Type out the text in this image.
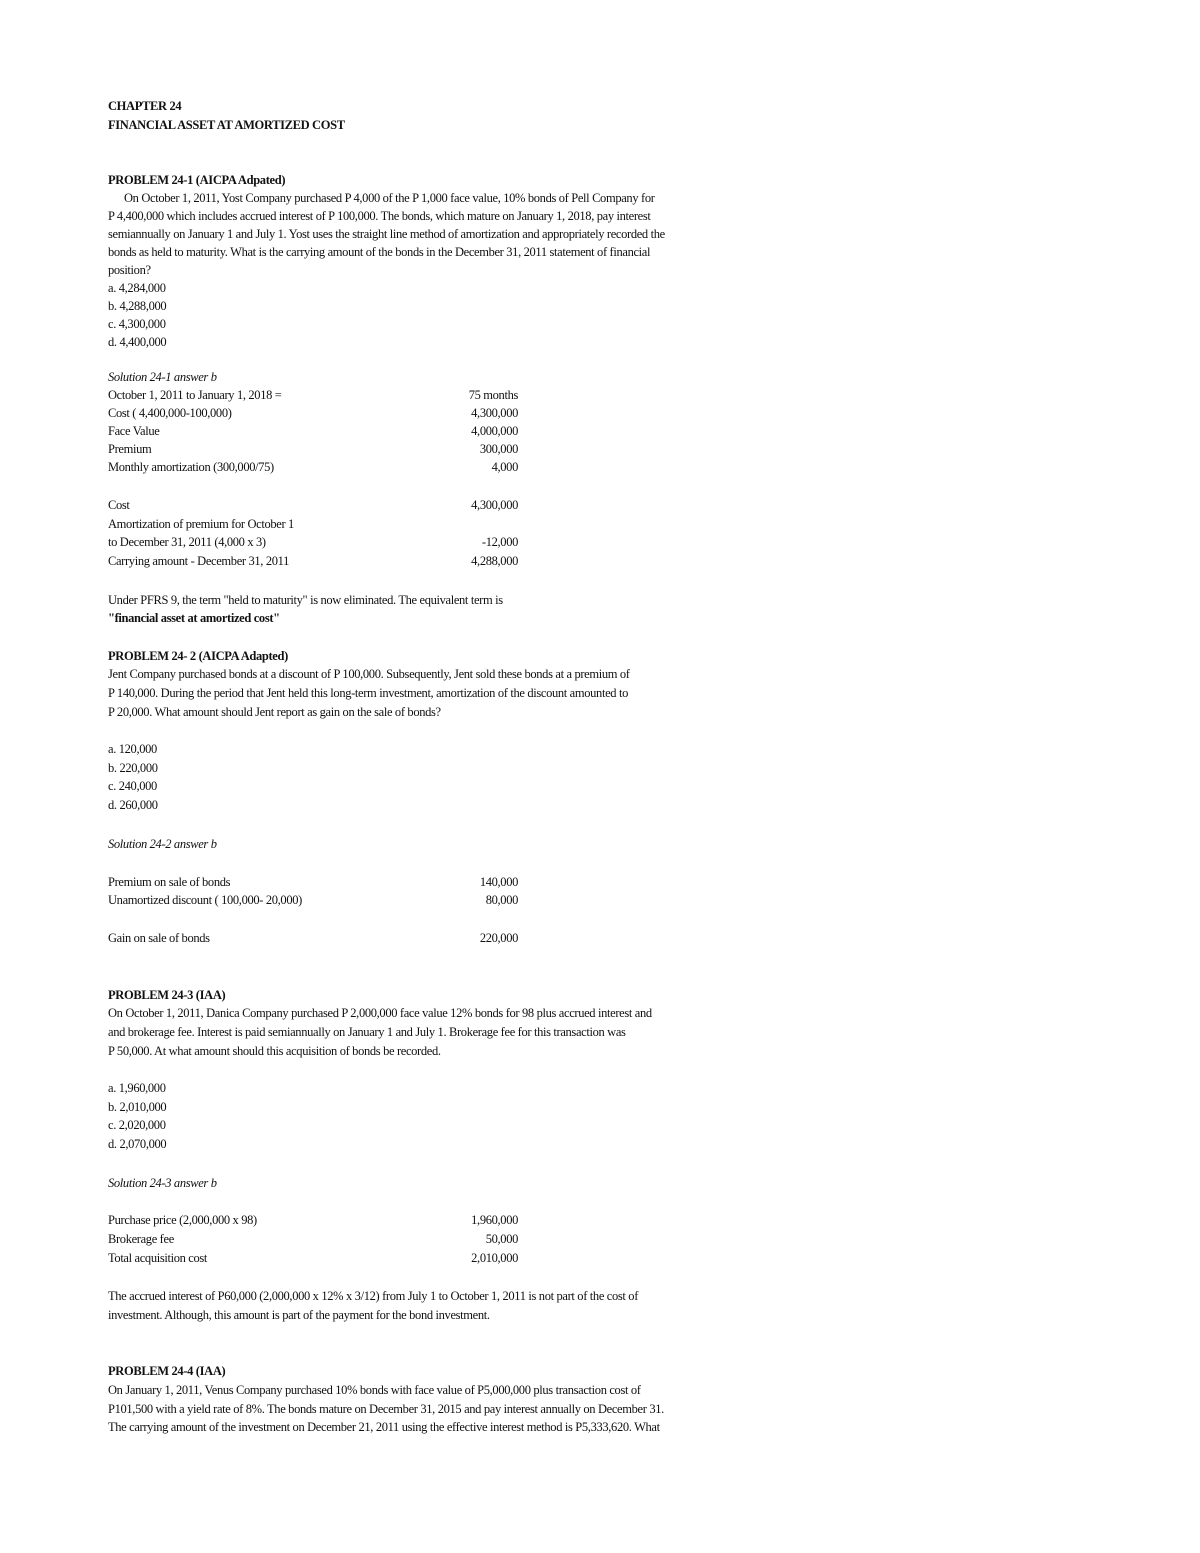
CHAPTER 24
FINANCIAL ASSET AT AMORTIZED COST
PROBLEM 24-1 (AICPA Adpated)
On October 1, 2011, Yost Company purchased P 4,000 of the P 1,000 face value, 10% bonds of Pell Company for
P 4,400,000 which includes accrued interest of P 100,000. The bonds, which mature on January 1, 2018, pay interest
semiannually on January 1 and July 1. Yost uses the straight line method of amortization and appropriately recorded the
bonds as held to maturity. What is the carrying amount of the bonds in the December 31, 2011 statement of financial
position?
a. 4,284,000
b. 4,288,000
c. 4,300,000
d. 4,400,000
Solution 24-1 answer b
October 1, 2011 to January 1, 2018 =	75 months
Cost ( 4,400,000-100,000)	4,300,000
Face Value	4,000,000
Premium	300,000
Monthly amortization (300,000/75)	4,000
Cost	4,300,000
Amortization of premium for October 1
to December 31, 2011 (4,000 x 3)	-12,000
Carrying amount - December 31, 2011	4,288,000
Under PFRS 9, the term "held to maturity" is now eliminated. The equivalent term is
"financial asset at amortized cost"
PROBLEM 24- 2 (AICPA Adapted)
Jent Company purchased bonds at a discount of P 100,000. Subsequently, Jent sold these bonds at a premium of
P 140,000. During the period that Jent held this long-term investment, amortization of the discount amounted to
P 20,000. What amount should Jent report as gain on the sale of bonds?
a. 120,000
b. 220,000
c. 240,000
d. 260,000
Solution 24-2 answer b
Premium on sale of bonds	140,000
Unamortized discount ( 100,000- 20,000)	80,000
Gain on sale of bonds	220,000
PROBLEM 24-3 (IAA)
On October 1, 2011, Danica Company purchased P 2,000,000 face value 12% bonds for 98 plus accrued interest and
and brokerage fee. Interest is paid semiannually on January 1 and July 1. Brokerage fee for this transaction was
P 50,000. At what amount should this acquisition of bonds be recorded.
a. 1,960,000
b. 2,010,000
c. 2,020,000
d. 2,070,000
Solution 24-3 answer b
Purchase price (2,000,000 x 98)	1,960,000
Brokerage fee	50,000
Total acquisition cost	2,010,000
The accrued interest of P60,000 (2,000,000 x 12% x 3/12) from July 1 to October 1, 2011 is not part of the cost of
investment. Although, this amount is part of the payment for the bond investment.
PROBLEM 24-4 (IAA)
On January 1, 2011, Venus Company purchased 10% bonds with face value of P5,000,000 plus transaction cost of
P101,500 with a yield rate of 8%. The bonds mature on December 31, 2015 and pay interest annually on December 31.
The carrying amount of the investment on December 21, 2011 using the effective interest method is P5,333,620. What
